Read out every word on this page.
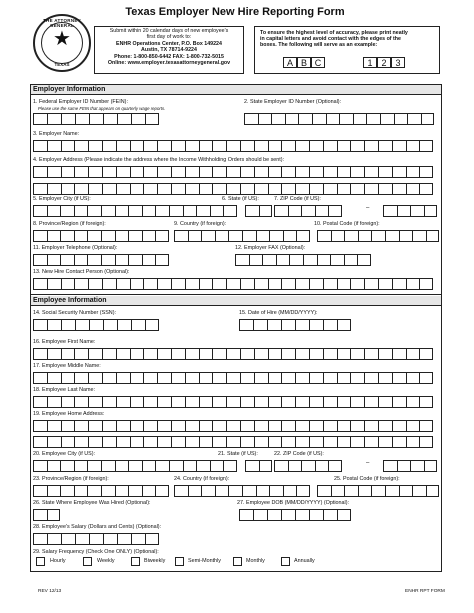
THE ATTORNEY GENERAL
★
TEXAS
Texas Employer New Hire Reporting Form
Submit within 20 calendar days of new employee's
first day of work to:
ENHR Operations Center, P.O. Box 149224
Austin, TX 78714-9224
Phone: 1-800-850-6442 FAX: 1-800-732-5015
Online: www.employer.texasattorneygeneral.gov
To ensure the highest level of accuracy, please print neatly
in capital letters and avoid contact with the edges of the
boxes. The following will serve as an example:
A B C	1 2 3
Employer Information
1. Federal Employer ID Number (FEIN):
Please use the same FEIN that appears on quarterly wage reports.
2. State Employer ID Number (Optional):
3. Employer Name:
4. Employer Address (Please indicate the address where the Income Withholding Orders should be sent):
5. Employer City (if US):	6. State (if US):	7. ZIP Code (if US):
–
8. Province/Region (if foreign):	9. Country (if foreign):	10. Postal Code (if foreign):
11. Employer Telephone (Optional):	12. Employer FAX (Optional):
13. New Hire Contact Person (Optional):
Employee Information
14. Social Security Number (SSN):	15. Date of Hire (MM/DD/YYYY):
16. Employee First Name:
17. Employee Middle Name:
18. Employee Last Name:
19. Employee Home Address:
20. Employee City (if US):	21. State (if US):	22. ZIP Code (if US):
–
23. Province/Region (if foreign):	24. Country (if foreign):	25. Postal Code (if foreign):
26. State Where Employee Was Hired (Optional):	27. Employee DOB (MM/DD/YYYY) (Optional):
28. Employee's Salary (Dollars and Cents) (Optional):
29. Salary Frequency (Check One ONLY) (Optional):
Hourly	Weekly	Biweekly	Semi-Monthly	Monthly	Annually
REV 12/13	ENHR RPT FORM
